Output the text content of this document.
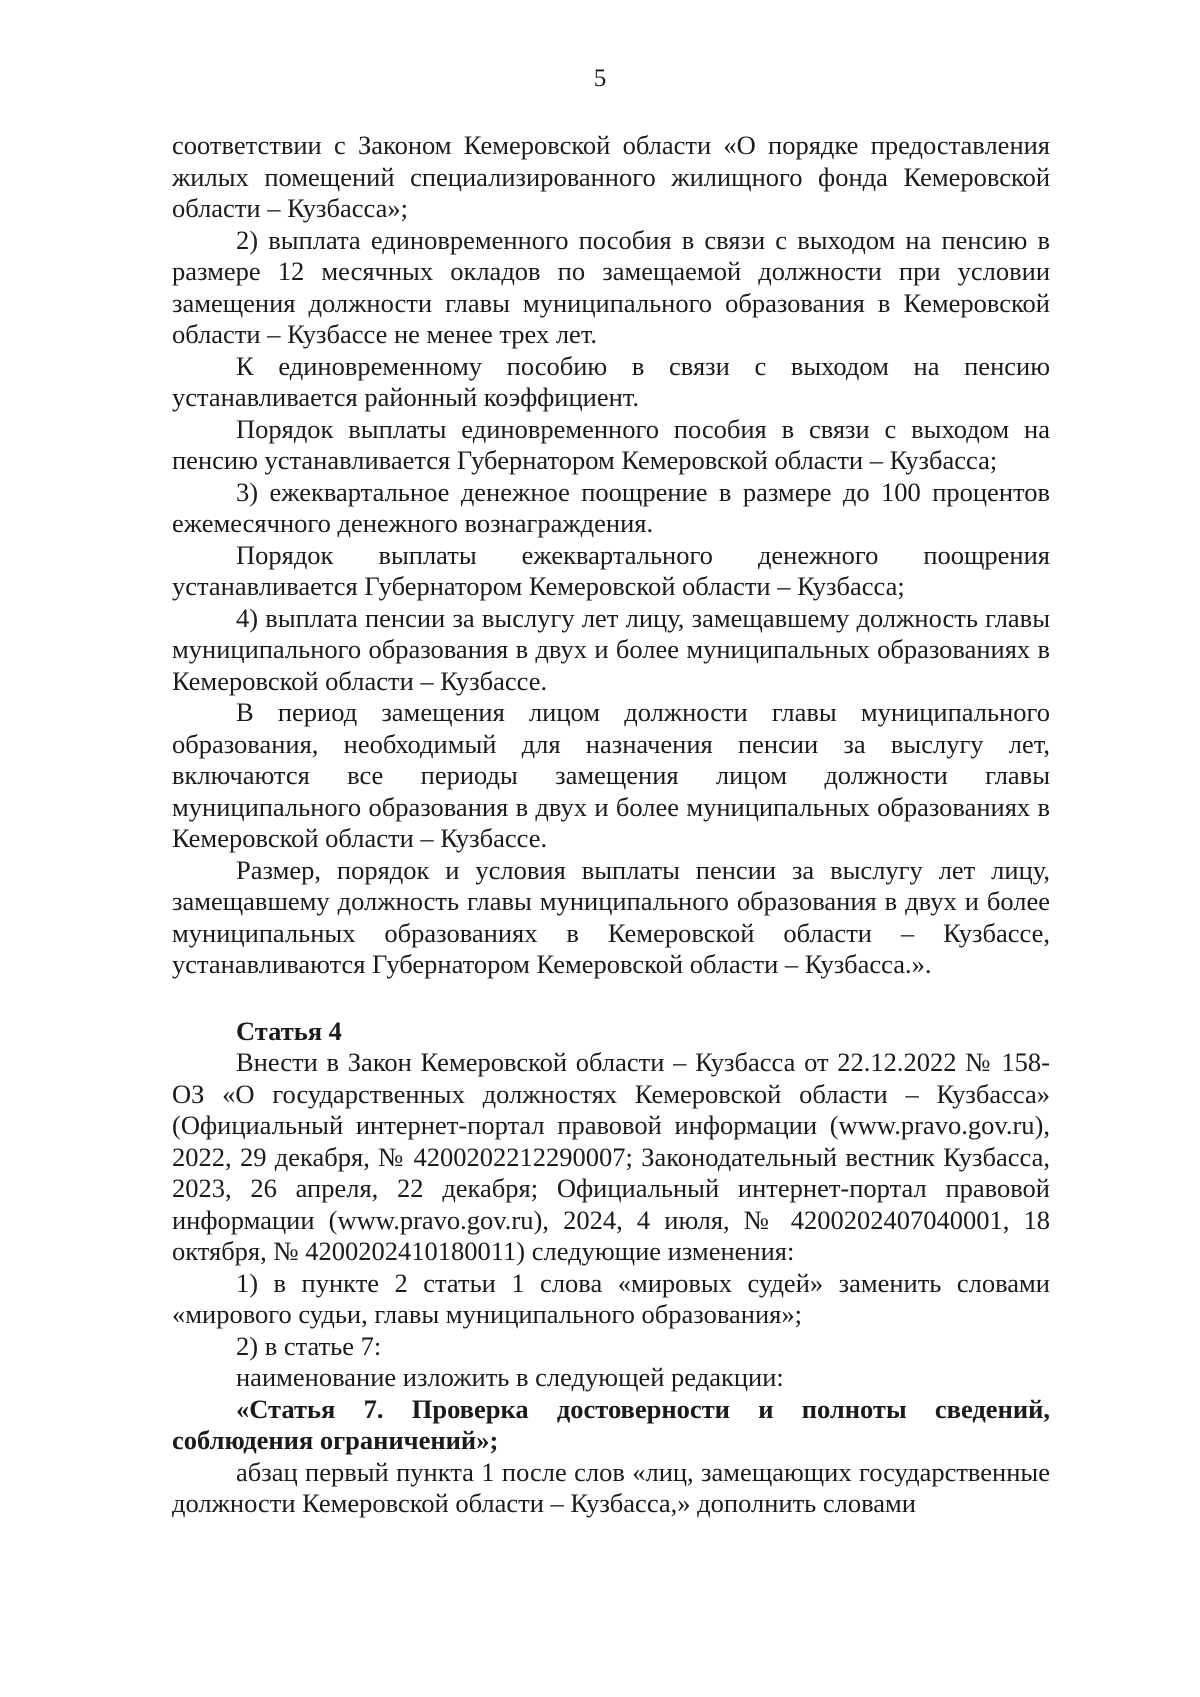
5

соответствии с Законом Кемеровской области «О порядке предоставления жилых помещений специализированного жилищного фонда Кемеровской области – Кузбасса»;

2) выплата единовременного пособия в связи с выходом на пенсию в размере 12 месячных окладов по замещаемой должности при условии замещения должности главы муниципального образования в Кемеровской области – Кузбассе не менее трех лет.

К единовременному пособию в связи с выходом на пенсию устанавливается районный коэффициент.

Порядок выплаты единовременного пособия в связи с выходом на пенсию устанавливается Губернатором Кемеровской области – Кузбасса;

3) ежеквартальное денежное поощрение в размере до 100 процентов ежемесячного денежного вознаграждения.

Порядок выплаты ежеквартального денежного поощрения устанавливается Губернатором Кемеровской области – Кузбасса;

4) выплата пенсии за выслугу лет лицу, замещавшему должность главы муниципального образования в двух и более муниципальных образованиях в Кемеровской области – Кузбассе.

В период замещения лицом должности главы муниципального образования, необходимый для назначения пенсии за выслугу лет, включаются все периоды замещения лицом должности главы муниципального образования в двух и более муниципальных образованиях в Кемеровской области – Кузбассе.

Размер, порядок и условия выплаты пенсии за выслугу лет лицу, замещавшему должность главы муниципального образования в двух и более муниципальных образованиях в Кемеровской области – Кузбассе, устанавливаются Губернатором Кемеровской области – Кузбасса.».

Статья 4

Внести в Закон Кемеровской области – Кузбасса от 22.12.2022 № 158-ОЗ «О государственных должностях Кемеровской области – Кузбасса» (Официальный интернет-портал правовой информации (www.pravo.gov.ru), 2022, 29 декабря, № 4200202212290007; Законодательный вестник Кузбасса, 2023, 26 апреля, 22 декабря; Официальный интернет-портал правовой информации (www.pravo.gov.ru), 2024, 4 июля, № 4200202407040001, 18 октября, № 4200202410180011) следующие изменения:

1) в пункте 2 статьи 1 слова «мировых судей» заменить словами «мирового судьи, главы муниципального образования»;

2) в статье 7:

наименование изложить в следующей редакции:

«Статья 7. Проверка достоверности и полноты сведений, соблюдения ограничений»;

абзац первый пункта 1 после слов «лиц, замещающих государственные должности Кемеровской области – Кузбасса,» дополнить словами
